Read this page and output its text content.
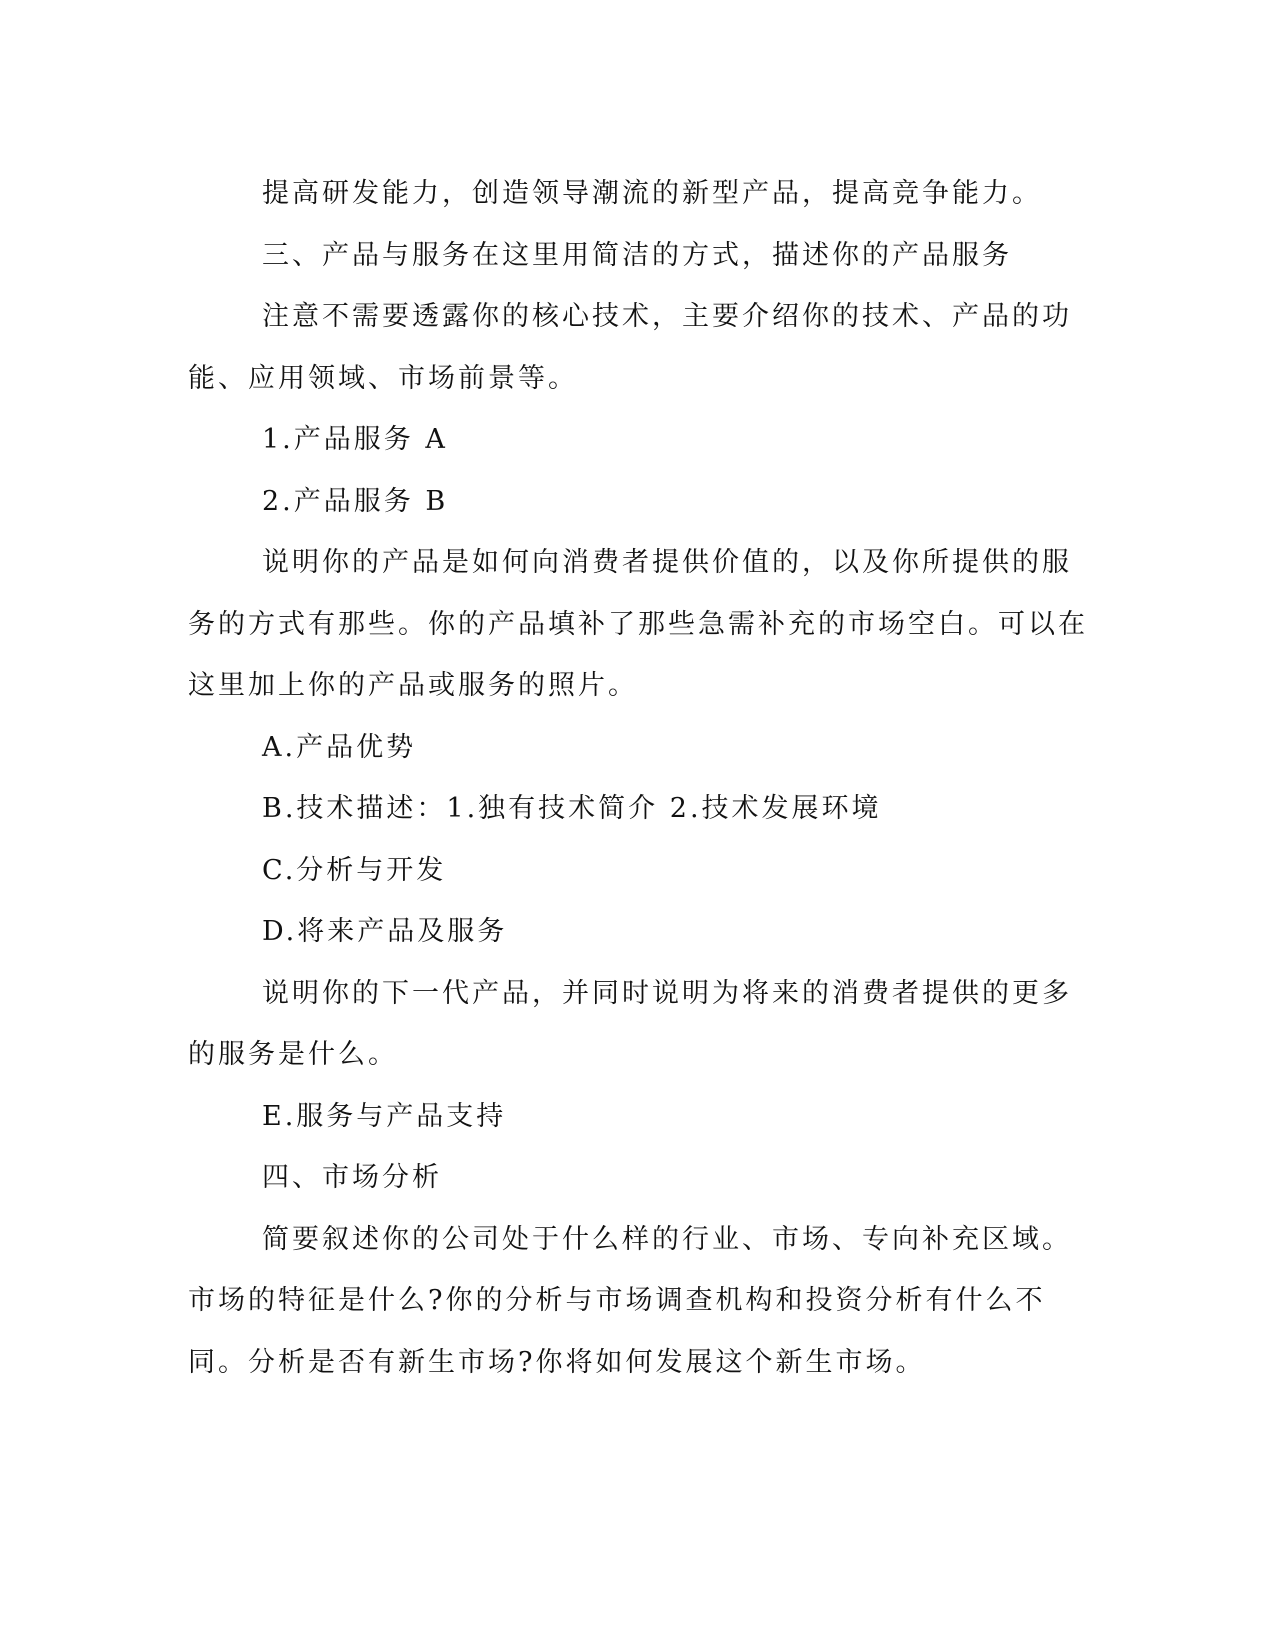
提高研发能力，创造领导潮流的新型产品，提高竞争能力。

三、产品与服务在这里用简洁的方式，描述你的产品服务

注意不需要透露你的核心技术，主要介绍你的技术、产品的功能、应用领域、市场前景等。

1.产品服务 A

2.产品服务 B

说明你的产品是如何向消费者提供价值的，以及你所提供的服务的方式有那些。你的产品填补了那些急需补充的市场空白。可以在这里加上你的产品或服务的照片。

A.产品优势

B.技术描述：1.独有技术简介 2.技术发展环境

C.分析与开发

D.将来产品及服务

说明你的下一代产品，并同时说明为将来的消费者提供的更多的服务是什么。

E.服务与产品支持

四、市场分析

简要叙述你的公司处于什么样的行业、市场、专向补充区域。市场的特征是什么?你的分析与市场调查机构和投资分析有什么不同。分析是否有新生市场?你将如何发展这个新生市场。
